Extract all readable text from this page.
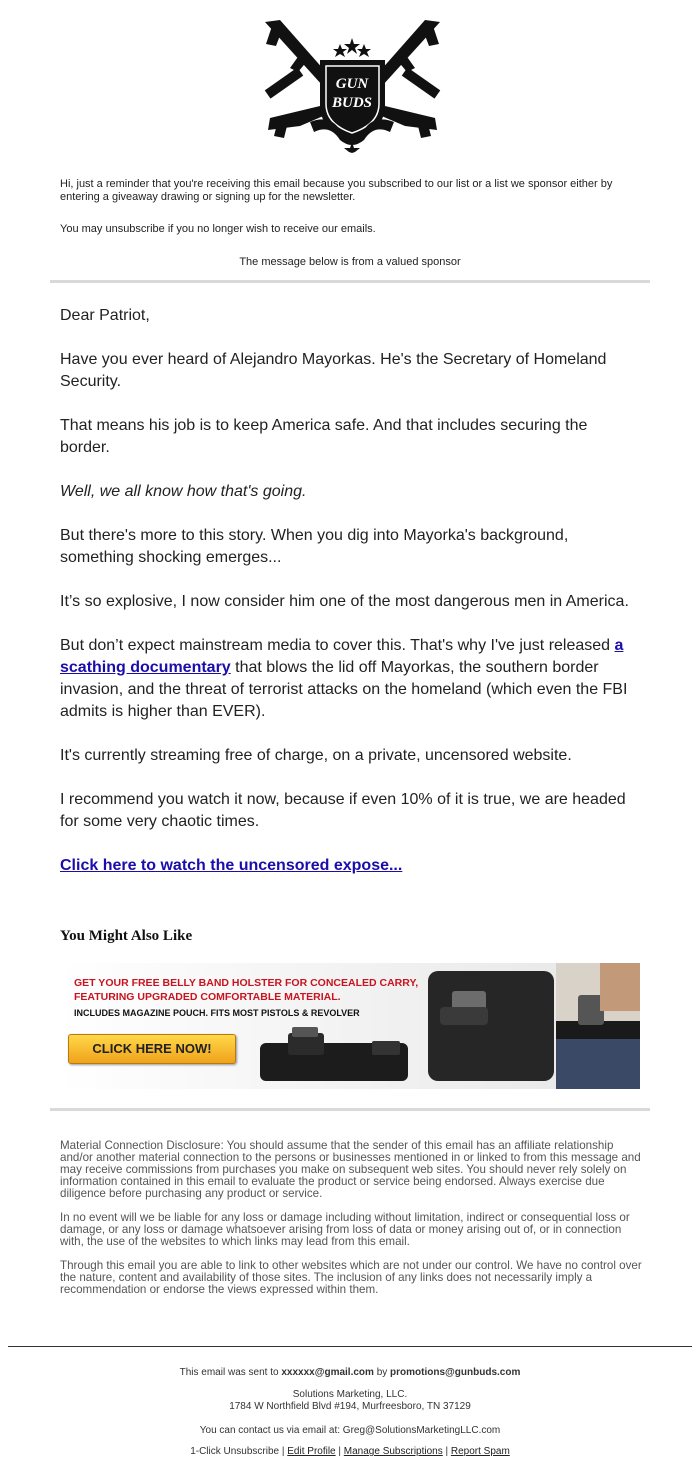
GUN
BUDS

Hi, just a reminder that you're receiving this email because you subscribed to our list or a list we sponsor either by entering a giveaway drawing or signing up for the newsletter.

You may unsubscribe if you no longer wish to receive our emails.

The message below is from a valued sponsor

Dear Patriot,

Have you ever heard of Alejandro Mayorkas. He's the Secretary of Homeland Security.

That means his job is to keep America safe. And that includes securing the border.

Well, we all know how that's going.

But there's more to this story. When you dig into Mayorka's background, something shocking emerges...

It’s so explosive, I now consider him one of the most dangerous men in America.

But don’t expect mainstream media to cover this. That's why I've just released a scathing documentary that blows the lid off Mayorkas, the southern border invasion, and the threat of terrorist attacks on the homeland (which even the FBI admits is higher than EVER).

It's currently streaming free of charge, on a private, uncensored website.

I recommend you watch it now, because if even 10% of it is true, we are headed for some very chaotic times.

Click here to watch the uncensored expose...

You Might Also Like
GET YOUR FREE BELLY BAND HOLSTER FOR CONCEALED CARRY,
FEATURING UPGRADED COMFORTABLE MATERIAL.
INCLUDES MAGAZINE POUCH. FITS MOST PISTOLS & REVOLVER
CLICK HERE NOW!

Material Connection Disclosure: You should assume that the sender of this email has an affiliate relationship and/or another material connection to the persons or businesses mentioned in or linked to from this message and may receive commissions from purchases you make on subsequent web sites. You should never rely solely on information contained in this email to evaluate the product or service being endorsed. Always exercise due diligence before purchasing any product or service.

In no event will we be liable for any loss or damage including without limitation, indirect or consequential loss or damage, or any loss or damage whatsoever arising from loss of data or money arising out of, or in connection with, the use of the websites to which links may lead from this email.

Through this email you are able to link to other websites which are not under our control. We have no control over the nature, content and availability of those sites. The inclusion of any links does not necessarily imply a recommendation or endorse the views expressed within them.

This email was sent to xxxxxx@gmail.com by promotions@gunbuds.com
Solutions Marketing, LLC.
1784 W Northfield Blvd #194, Murfreesboro, TN 37129
You can contact us via email at: Greg@SolutionsMarketingLLC.com
1-Click Unsubscribe | Edit Profile | Manage Subscriptions | Report Spam
